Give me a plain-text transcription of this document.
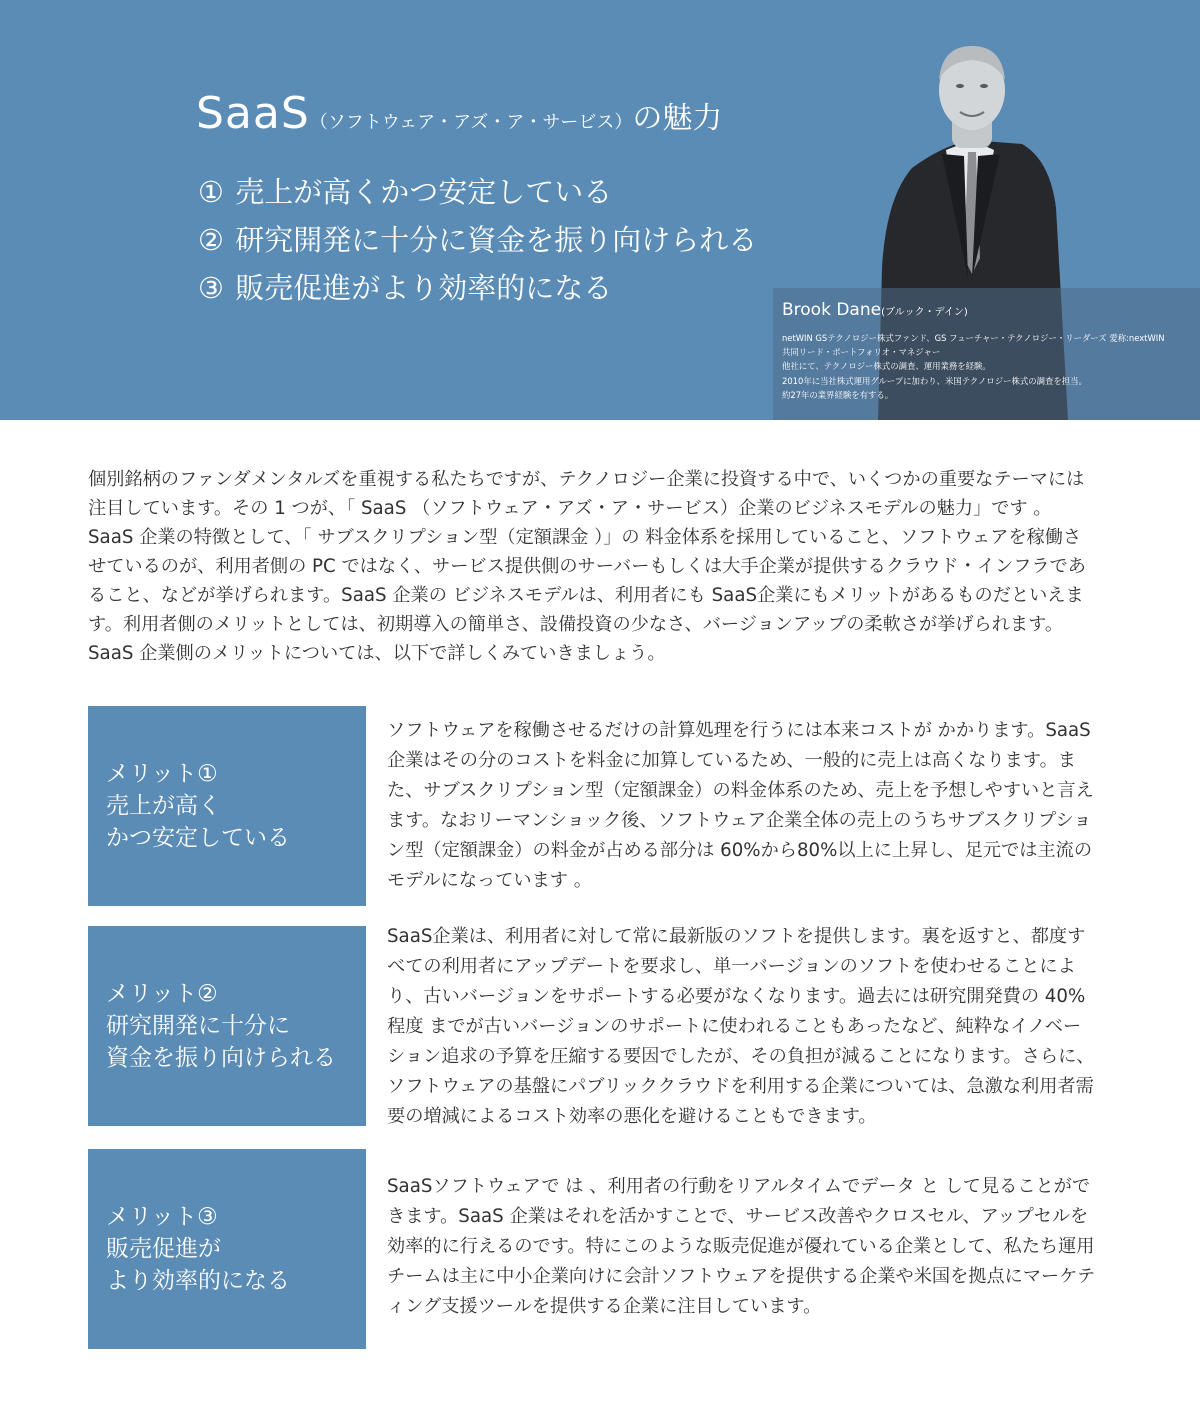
SaaS（ソフトウェア・アズ・ア・サービス）の魅力
① 売上が高くかつ安定している
② 研究開発に十分に資金を振り向けられる
③ 販売促進がより効率的になる
Brook Dane(ブルック・デイン)
netWIN GSテクノロジー株式ファンド、GS フューチャー・テクノロジー・リーダーズ 愛称:nextWIN
共同リード・ポートフォリオ・マネジャー
他社にて、テクノロジー株式の調査、運用業務を経験。
2010年に当社株式運用グループに加わり、米国テクノロジー株式の調査を担当。
約27年の業界経験を有する。

個別銘柄のファンダメンタルズを重視する私たちですが、テクノロジー企業に投資する中で、いくつかの重要なテーマには注目しています。その 1 つが、「 SaaS （ソフトウェア・アズ・ア・サービス）企業のビジネスモデルの魅力」です 。SaaS 企業の特徴として、「 サブスクリプション型（定額課金 ）」の 料金体系を採用していること、ソフトウェアを稼働させているのが、利用者側の PC ではなく、サービス提供側のサーバーもしくは大手企業が提供するクラウド・インフラであること、などが挙げられます。SaaS 企業の ビジネスモデルは、利用者にも SaaS企業にもメリットがあるものだといえます。利用者側のメリットとしては、初期導入の簡単さ、設備投資の少なさ、バージョンアップの柔軟さが挙げられます。SaaS 企業側のメリットについては、以下で詳しくみていきましょう。

メリット①
売上が高く
かつ安定している

ソフトウェアを稼働させるだけの計算処理を行うには本来コストが かかります。SaaS 企業はその分のコストを料金に加算しているため、一般的に売上は高くなります。また、サブスクリプション型（定額課金）の料金体系のため、売上を予想しやすいと言えます。なおリーマンショック後、ソフトウェア企業全体の売上のうちサブスクリプション型（定額課金）の料金が占める部分は 60%から80%以上に上昇し、足元では主流のモデルになっています 。

メリット②
研究開発に十分に
資金を振り向けられる

SaaS企業は、利用者に対して常に最新版のソフトを提供します。裏を返すと、都度すべての利用者にアップデートを要求し、単一バージョンのソフトを使わせることにより、古いバージョンをサポートする必要がなくなります。過去には研究開発費の 40%程度 までが古いバージョンのサポートに使われることもあったなど、純粋なイノベーション追求の予算を圧縮する要因でしたが、その負担が減ることになります。さらに、ソフトウェアの基盤にパブリッククラウドを利用する企業については、急激な利用者需要の増減によるコスト効率の悪化を避けることもできます。

メリット③
販売促進が
より効率的になる

SaaSソフトウェアで は 、利用者の行動をリアルタイムでデータ と して見ることができます。SaaS 企業はそれを活かすことで、サービス改善やクロスセル、アップセルを効率的に行えるのです。特にこのような販売促進が優れている企業として、私たち運用チームは主に中小企業向けに会計ソフトウェアを提供する企業や米国を拠点にマーケティング支援ツールを提供する企業に注目しています。
